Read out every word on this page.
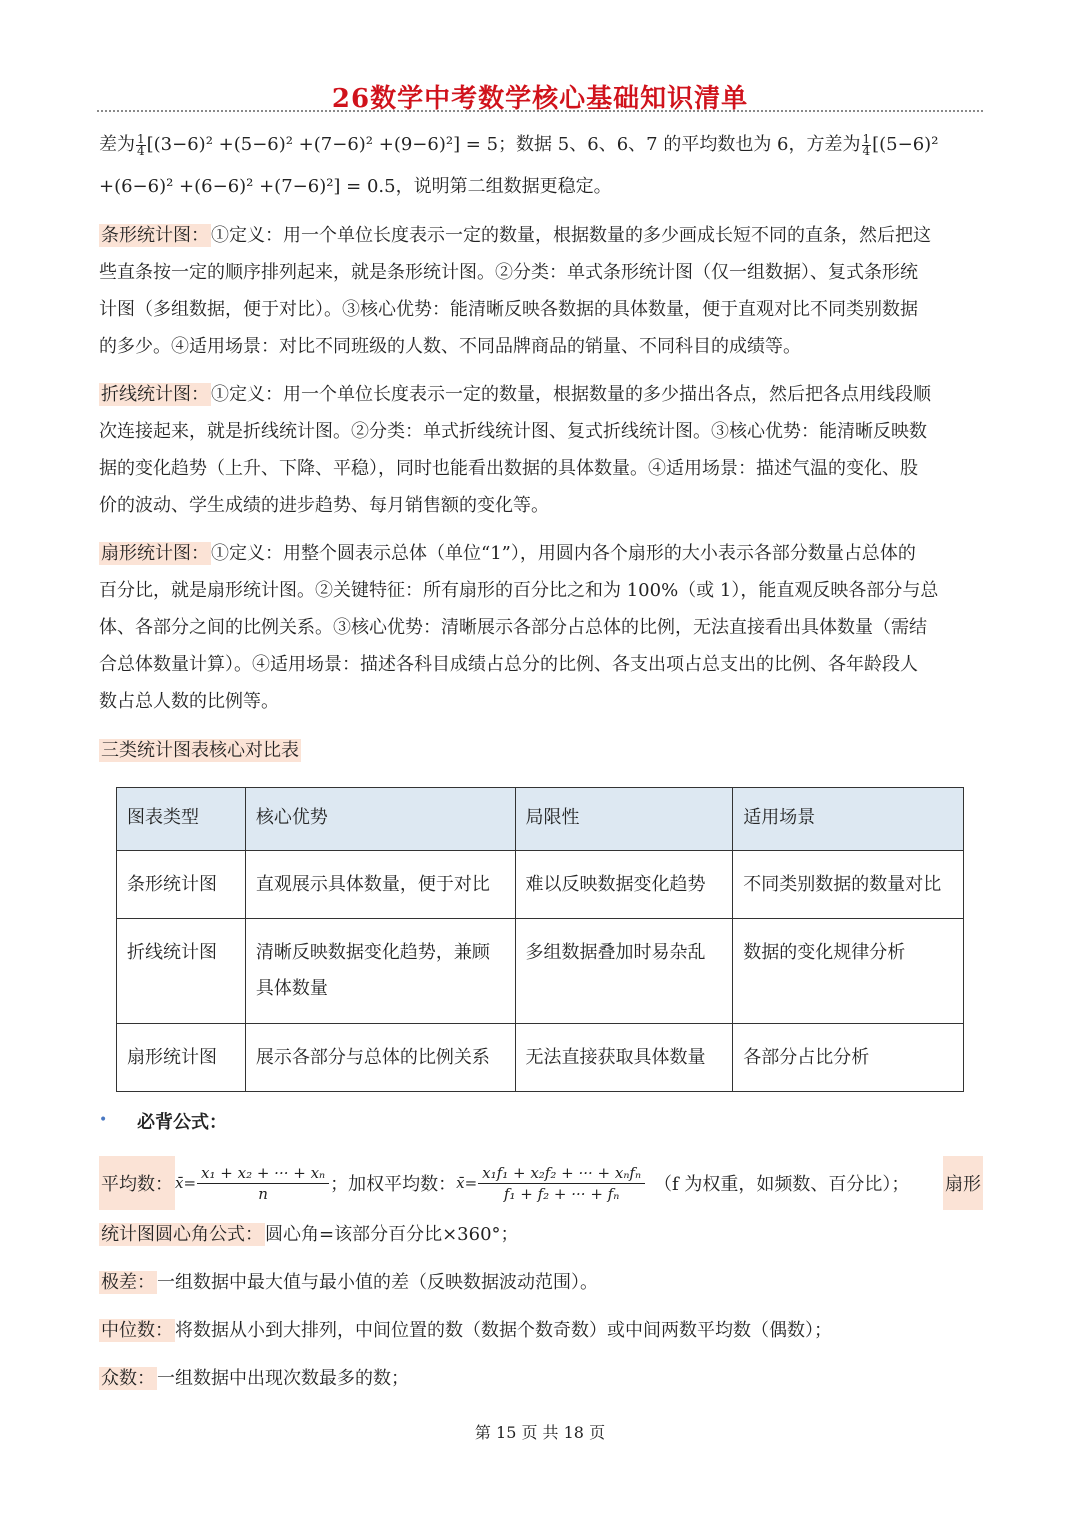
26数学中考数学核心基础知识清单
差为 $\frac{1}{4} [(3-6)^2 +(5-6)^2 +(7-6)^2 +(9-6)^2] = 5$；数据 5、6、6、7 的平均数也为 6，方差为 $\frac{1}{4} [(5-6)^2$
+(6−6)² +(6−6)² +(7−6)²] = 0.5，说明第二组数据更稳定。
条形统计图： ①定义：用一个单位长度表示一定的数量，根据数量的多少画成长短不同的直条，然后把这
些直条按一定的顺序排列起来，就是条形统计图。②分类：单式条形统计图（仅一组数据）、复式条形统
计图（多组数据，便于对比）。③核心优势：能清晰反映各数据的具体数量，便于直观对比不同类别数据
的多少。④适用场景：对比不同班级的人数、不同品牌商品的销量、不同科目的成绩等。
折线统计图： ①定义：用一个单位长度表示一定的数量，根据数量的多少描出各点，然后把各点用线段顺
次连接起来，就是折线统计图。②分类：单式折线统计图、复式折线统计图。③核心优势：能清晰反映数
据的变化趋势（上升、下降、平稳），同时也能看出数据的具体数量。④适用场景：描述气温的变化、股
价的波动、学生成绩的进步趋势、每月销售额的变化等。
扇形统计图： ①定义：用整个圆表示总体（单位“1”），用圆内各个扇形的大小表示各部分数量占总体的
百分比，就是扇形统计图。②关键特征：所有扇形的百分比之和为 100%（或 1），能直观反映各部分与总
体、各部分之间的比例关系。③核心优势：清晰展示各部分占总体的比例，无法直接看出具体数量（需结
合总体数量计算）。④适用场景：描述各科目成绩占总分的比例、各支出项占总支出的比例、各年龄段人
数占总人数的比例等。
三类统计图表核心对比表
图表类型	核心优势	局限性	适用场景
条形统计图	直观展示具体数量，便于对比	难以反映数据变化趋势	不同类别数据的数量对比
折线统计图	清晰反映数据变化趋势，兼顾具体数量	多组数据叠加时易杂乱	数据的变化规律分析
扇形统计图	展示各部分与总体的比例关系	无法直接获取具体数量	各部分占比分析
• 必背公式：
平均数： x̄= $\frac{\text{x₁ + x₂ + ··· + xₙ}}{n}$ ；加权平均数： x̄= $\frac{\text{x₁f₁ + x₂f₂ + ··· + xₙfₙ}}{\text{f₁ + f₂ + ··· + fₙ}} (f$ 为权重，如频数、百分比）； 扇形
统计图圆心角公式： 圆心角=该部分百分比×360°；
极差： 一组数据中最大值与最小值的差（反映数据波动范围）。
中位数： 将数据从小到大排列，中间位置的数（数据个数奇数）或中间两数平均数（偶数）；
众数： 一组数据中出现次数最多的数；
第 15 页 共 18 页
